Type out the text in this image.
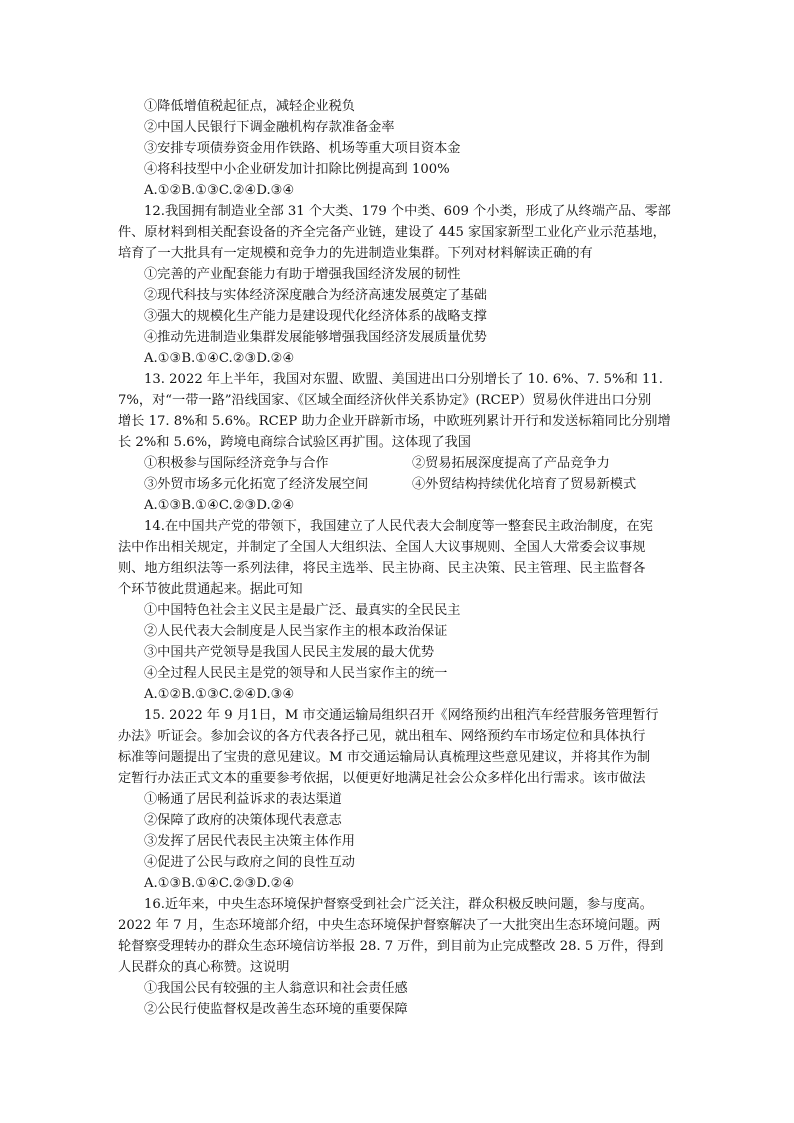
①降低增值税起征点，减轻企业税负
②中国人民银行下调金融机构存款准备金率
③安排专项债券资金用作铁路、机场等重大项目资本金
④将科技型中小企业研发加计扣除比例提高到 100%
A.①②B.①③C.②④D.③④
12.我国拥有制造业全部 31 个大类、179 个中类、609 个小类，形成了从终端产品、零部
件、原材料到相关配套设备的齐全完备产业链，建设了 445 家国家新型工业化产业示范基地，
培育了一大批具有一定规模和竞争力的先进制造业集群。下列对材料解读正确的有
①完善的产业配套能力有助于增强我国经济发展的韧性
②现代科技与实体经济深度融合为经济高速发展奠定了基础
③强大的规模化生产能力是建设现代化经济体系的战略支撑
④推动先进制造业集群发展能够增强我国经济发展质量优势
A.①③B.①④C.②③D.②④
13. 2022 年上半年，我国对东盟、欧盟、美国进出口分别增长了 10. 6%、7. 5%和 11.
7%，对“一带一路”沿线国家、《区域全面经济伙伴关系协定》(RCEP）贸易伙伴进出口分别
增长 17. 8%和 5.6%。RCEP 助力企业开辟新市场，中欧班列累计开行和发送标箱同比分别增
长 2%和 5.6%，跨境电商综合试验区再扩围。这体现了我国
①积极参与国际经济竞争与合作	②贸易拓展深度提高了产品竞争力
③外贸市场多元化拓宽了经济发展空间	④外贸结构持续优化培育了贸易新模式
A.①③B.①④C.②③D.②④
14.在中国共产党的带领下，我国建立了人民代表大会制度等一整套民主政治制度，在宪
法中作出相关规定，并制定了全国人大组织法、全国人大议事规则、全国人大常委会议事规
则、地方组织法等一系列法律，将民主选举、民主协商、民主决策、民主管理、民主监督各
个环节彼此贯通起来。据此可知
①中国特色社会主义民主是最广泛、最真实的全民民主
②人民代表大会制度是人民当家作主的根本政治保证
③中国共产党领导是我国人民民主发展的最大优势
④全过程人民民主是党的领导和人民当家作主的统一
A.①②B.①③C.②④D.③④
15. 2022 年 9 月1日，M 市交通运输局组织召开《网络预约出租汽车经营服务管理暂行
办法》听证会。参加会议的各方代表各抒己见，就出租车、网络预约车市场定位和具体执行
标准等问题提出了宝贵的意见建议。M 市交通运输局认真梳理这些意见建议，并将其作为制
定暂行办法正式文本的重要参考依据，以便更好地满足社会公众多样化出行需求。该市做法
①畅通了居民利益诉求的表达渠道
②保障了政府的决策体现代表意志
③发挥了居民代表民主决策主体作用
④促进了公民与政府之间的良性互动
A.①③B.①④C.②③D.②④
16.近年来，中央生态环境保护督察受到社会广泛关注，群众积极反映问题，参与度高。
2022 年 7 月，生态环境部介绍，中央生态环境保护督察解决了一大批突出生态环境问题。两
轮督察受理转办的群众生态环境信访举报 28. 7 万件，到目前为止完成整改 28. 5 万件，得到
人民群众的真心称赞。这说明
①我国公民有较强的主人翁意识和社会责任感
②公民行使监督权是改善生态环境的重要保障
